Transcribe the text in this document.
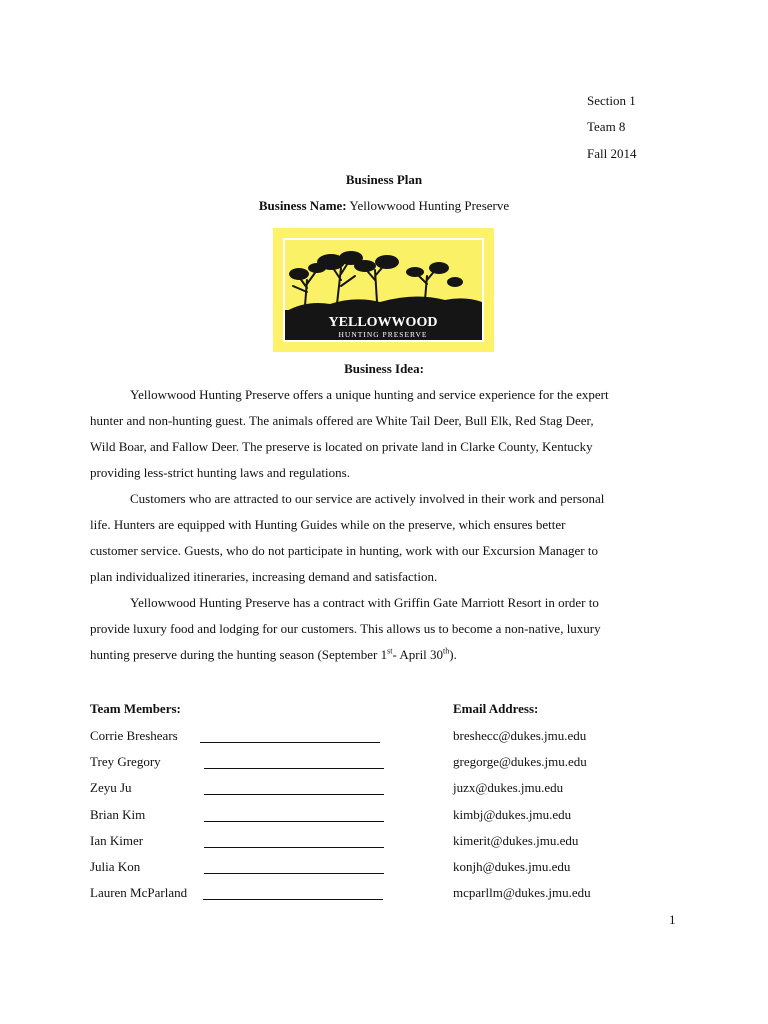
Section 1
Team 8
Fall 2014
Business Plan
Business Name: Yellowwood Hunting Preserve
YELLOWWOOD
HUNTING PRESERVE
Business Idea:
Yellowwood Hunting Preserve offers a unique hunting and service experience for the expert
hunter and non-hunting guest. The animals offered are White Tail Deer, Bull Elk, Red Stag Deer,
Wild Boar, and Fallow Deer. The preserve is located on private land in Clarke County, Kentucky
providing less-strict hunting laws and regulations.
Customers who are attracted to our service are actively involved in their work and personal
life. Hunters are equipped with Hunting Guides while on the preserve, which ensures better
customer service. Guests, who do not participate in hunting, work with our Excursion Manager to
plan individualized itineraries, increasing demand and satisfaction.
Yellowwood Hunting Preserve has a contract with Griffin Gate Marriott Resort in order to
provide luxury food and lodging for our customers. This allows us to become a non-native, luxury
hunting preserve during the hunting season (September 1st- April 30th).
Team Members:	Email Address:
Corrie Breshears	breshecc@dukes.jmu.edu
Trey Gregory	gregorge@dukes.jmu.edu
Zeyu Ju	juzx@dukes.jmu.edu
Brian Kim	kimbj@dukes.jmu.edu
Ian Kimer	kimerit@dukes.jmu.edu
Julia Kon	konjh@dukes.jmu.edu
Lauren McParland	mcparllm@dukes.jmu.edu
1
